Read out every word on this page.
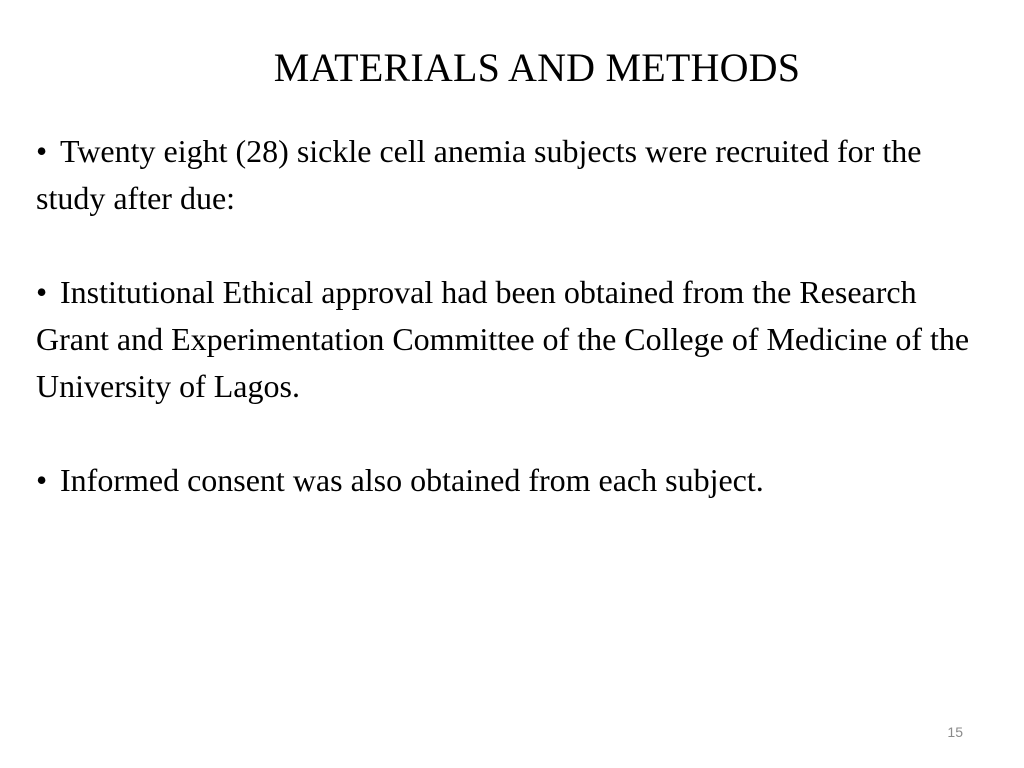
MATERIALS AND METHODS

• Twenty eight (28) sickle cell anemia subjects were recruited for the study after due:

• Institutional Ethical approval had been obtained from the Research Grant and Experimentation Committee of the College of Medicine of the University of Lagos.

• Informed consent was also obtained from each subject.

15
